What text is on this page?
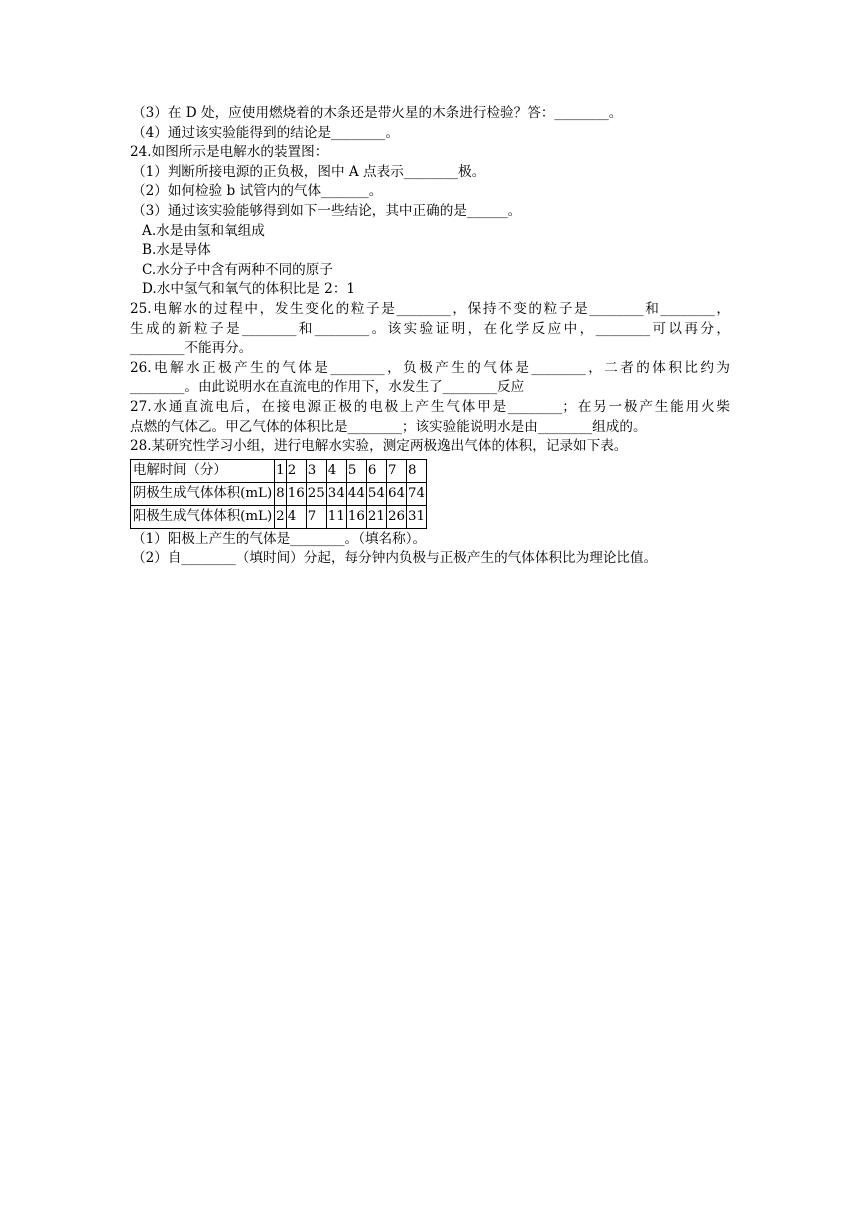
（3）在 D 处，应使用燃烧着的木条还是带火星的木条进行检验？答：________。
（4）通过该实验能得到的结论是________。
24.如图所示是电解水的装置图：
（1）判断所接电源的正负极，图中 A 点表示________极。
（2）如何检验 b 试管内的气体_______。
（3）通过该实验能够得到如下一些结论，其中正确的是______。
A.水是由氢和氧组成
B.水是导体
C.水分子中含有两种不同的原子
D.水中氢气和氧气的体积比是 2：1
25.电解水的过程中，发生变化的粒子是________，保持不变的粒子是________和________，
生成的新粒子是________和________。该实验证明，在化学反应中，________可以再分，
________不能再分。
26.电解水正极产生的气体是________，负极产生的气体是________，二者的体积比约为
________。由此说明水在直流电的作用下，水发生了________反应
27.水通直流电后，在接电源正极的电极上产生气体甲是________；在另一极产生能用火柴
点燃的气体乙。甲乙气体的体积比是________；该实验能说明水是由________组成的。
28.某研究性学习小组，进行电解水实验，测定两极逸出气体的体积，记录如下表。
电解时间（分）	1	2	3	4	5	6	7	8
阴极生成气体体积(mL)	8	16	25	34	44	54	64	74
阳极生成气体体积(mL)	2	4	7	11	16	21	26	31
（1）阳极上产生的气体是________。（填名称）。
（2）自________（填时间）分起，每分钟内负极与正极产生的气体体积比为理论比值。
